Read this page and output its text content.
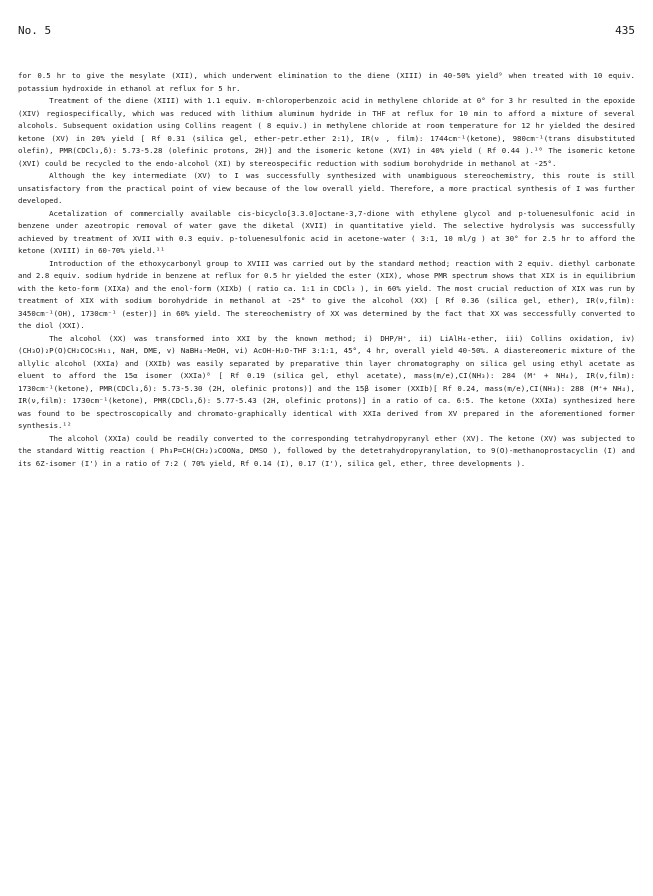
No. 5	435

for 0.5 hr to give the mesylate (XII), which underwent elimination to the diene (XIII) in 40-50% yield⁹ when treated with 10 equiv. potassium hydroxide in ethanol at reflux for 5 hr.

Treatment of the diene (XIII) with 1.1 equiv. m-chloroperbenzoic acid in methylene chloride at 0° for 3 hr resulted in the epoxide (XIV) regiospecifically, which was reduced with lithium aluminum hydride in THF at reflux for 10 min to afford a mixture of several alcohols. Subsequent oxidation using Collins reagent ( 8 equiv.) in methylene chloride at room temperature for 12 hr yielded the desired ketone (XV) in 20% yield [ Rf 0.31 (silica gel, ether-petr.ether 2:1), IR(ν , film): 1744cm⁻¹(ketone), 980cm⁻¹(trans disubstituted olefin), PMR(CDCl₃,δ): 5.73-5.28 (olefinic protons, 2H)] and the isomeric ketone (XVI) in 40% yield ( Rf 0.44 ).¹⁰ The isomeric ketone (XVI) could be recycled to the endo-alcohol (XI) by stereospecific reduction with sodium borohydride in methanol at -25°.

Although the key intermediate (XV) to I was successfully synthesized with unambiguous stereochemistry, this route is still unsatisfactory from the practical point of view because of the low overall yield. Therefore, a more practical synthesis of I was further developed.

Acetalization of commercially available cis-bicyclo[3.3.0]octane-3,7-dione with ethylene glycol and p-toluenesulfonic acid in benzene under azeotropic removal of water gave the diketal (XVII) in quantitative yield. The selective hydrolysis was successfully achieved by treatment of XVII with 0.3 equiv. p-toluenesulfonic acid in acetone-water ( 3:1, 10 ml/g ) at 30° for 2.5 hr to afford the ketone (XVIII) in 60-70% yield.¹¹

Introduction of the ethoxycarbonyl group to XVIII was carried out by the standard method; reaction with 2 equiv. diethyl carbonate and 2.8 equiv. sodium hydride in benzene at reflux for 0.5 hr yielded the ester (XIX), whose PMR spectrum shows that XIX is in equilibrium with the keto-form (XIXa) and the enol-form (XIXb) ( ratio ca. 1:1 in CDCl₃ ), in 60% yield. The most crucial reduction of XIX was run by treatment of XIX with sodium borohydride in methanol at -25° to give the alcohol (XX) [ Rf 0.36 (silica gel, ether), IR(ν,film): 3450cm⁻¹(OH), 1730cm⁻¹ (ester)] in 60% yield. The stereochemistry of XX was determined by the fact that XX was seccessfully converted to the diol (XXI).

The alcohol (XX) was transformed into XXI by the known method; i) DHP/H⁺, ii) LiAlH₄-ether, iii) Collins oxidation, iv) (CH₃O)₂P(O)CH₂COC₅H₁₁, NaH, DME, v) NaBH₄-MeOH, vi) AcOH-H₂O-THF 3:1:1, 45°, 4 hr, overall yield 40-50%. A diastereomeric mixture of the allylic alcohol (XXIa) and (XXIb) was easily separated by preparative thin layer chromatography on silica gel using ethyl acetate as eluent to afford the 15α isomer (XXIa)⁸ [ Rf 0.19 (silica gel, ethyl acetate), mass(m/e),CI(NH₃): 284 (M⁺ + NH₄), IR(ν,film): 1730cm⁻¹(ketone), PMR(CDCl₃,δ): 5.73-5.30 (2H, olefinic protons)] and the 15β isomer (XXIb)[ Rf 0.24, mass(m/e),CI(NH₃): 288 (M⁺+ NH₄), IR(ν,film): 1730cm⁻¹(ketone), PMR(CDCl₃,δ): 5.77-5.43 (2H, olefinic protons)] in a ratio of ca. 6:5. The ketone (XXIa) synthesized here was found to be spectroscopically and chromato-graphically identical with XXIa derived from XV prepared in the aforementioned former synthesis.¹²

The alcohol (XXIa) could be readily converted to the corresponding tetrahydropyranyl ether (XV). The ketone (XV) was subjected to the standard Wittig reaction ( Ph₃P=CH(CH₂)₃COONa, DMSO ), followed by the detetrahydropyranylation, to 9(O)-methanoprostacyclin (I) and its 6Z-isomer (I') in a ratio of 7:2 ( 70% yield, Rf 0.14 (I), 0.17 (I'), silica gel, ether, three developments ).
